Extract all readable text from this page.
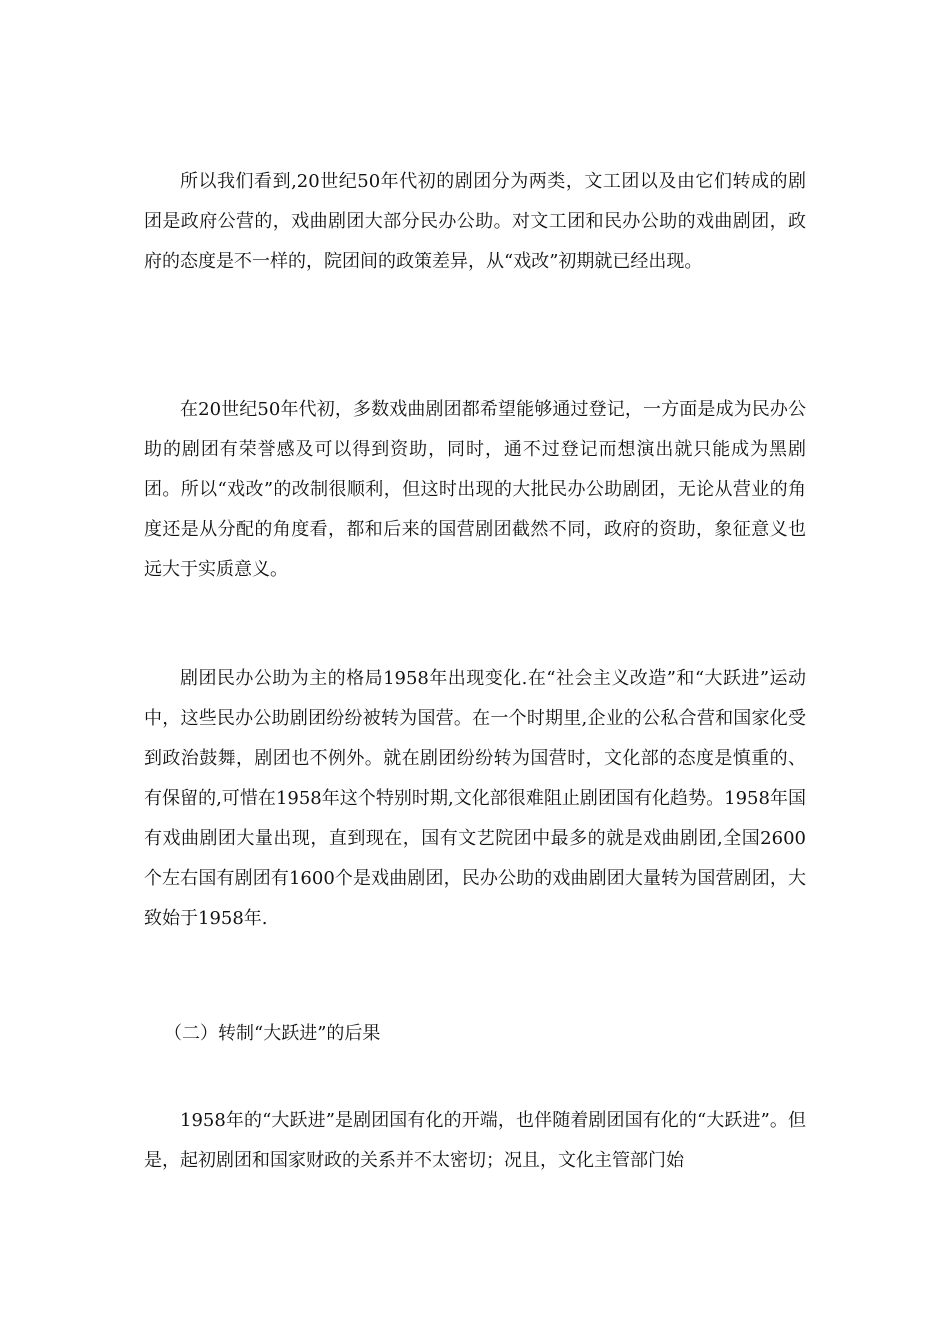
所以我们看到,20世纪50年代初的剧团分为两类，文工团以及由它们转成的剧团是政府公营的，戏曲剧团大部分民办公助。对文工团和民办公助的戏曲剧团，政府的态度是不一样的，院团间的政策差异，从“戏改”初期就已经出现。

在20世纪50年代初，多数戏曲剧团都希望能够通过登记，一方面是成为民办公助的剧团有荣誉感及可以得到资助，同时，通不过登记而想演出就只能成为黑剧团。所以“戏改”的改制很顺利，但这时出现的大批民办公助剧团，无论从营业的角度还是从分配的角度看，都和后来的国营剧团截然不同，政府的资助，象征意义也远大于实质意义。

剧团民办公助为主的格局1958年出现变化.在“社会主义改造”和“大跃进”运动中，这些民办公助剧团纷纷被转为国营。在一个时期里,企业的公私合营和国家化受到政治鼓舞，剧团也不例外。就在剧团纷纷转为国营时，文化部的态度是慎重的、有保留的,可惜在1958年这个特别时期,文化部很难阻止剧团国有化趋势。1958年国有戏曲剧团大量出现，直到现在，国有文艺院团中最多的就是戏曲剧团,全国2600个左右国有剧团有1600个是戏曲剧团，民办公助的戏曲剧团大量转为国营剧团，大致始于1958年.

（二）转制“大跃进”的后果

1958年的“大跃进”是剧团国有化的开端，也伴随着剧团国有化的“大跃进”。但是，起初剧团和国家财政的关系并不太密切；况且，文化主管部门始
